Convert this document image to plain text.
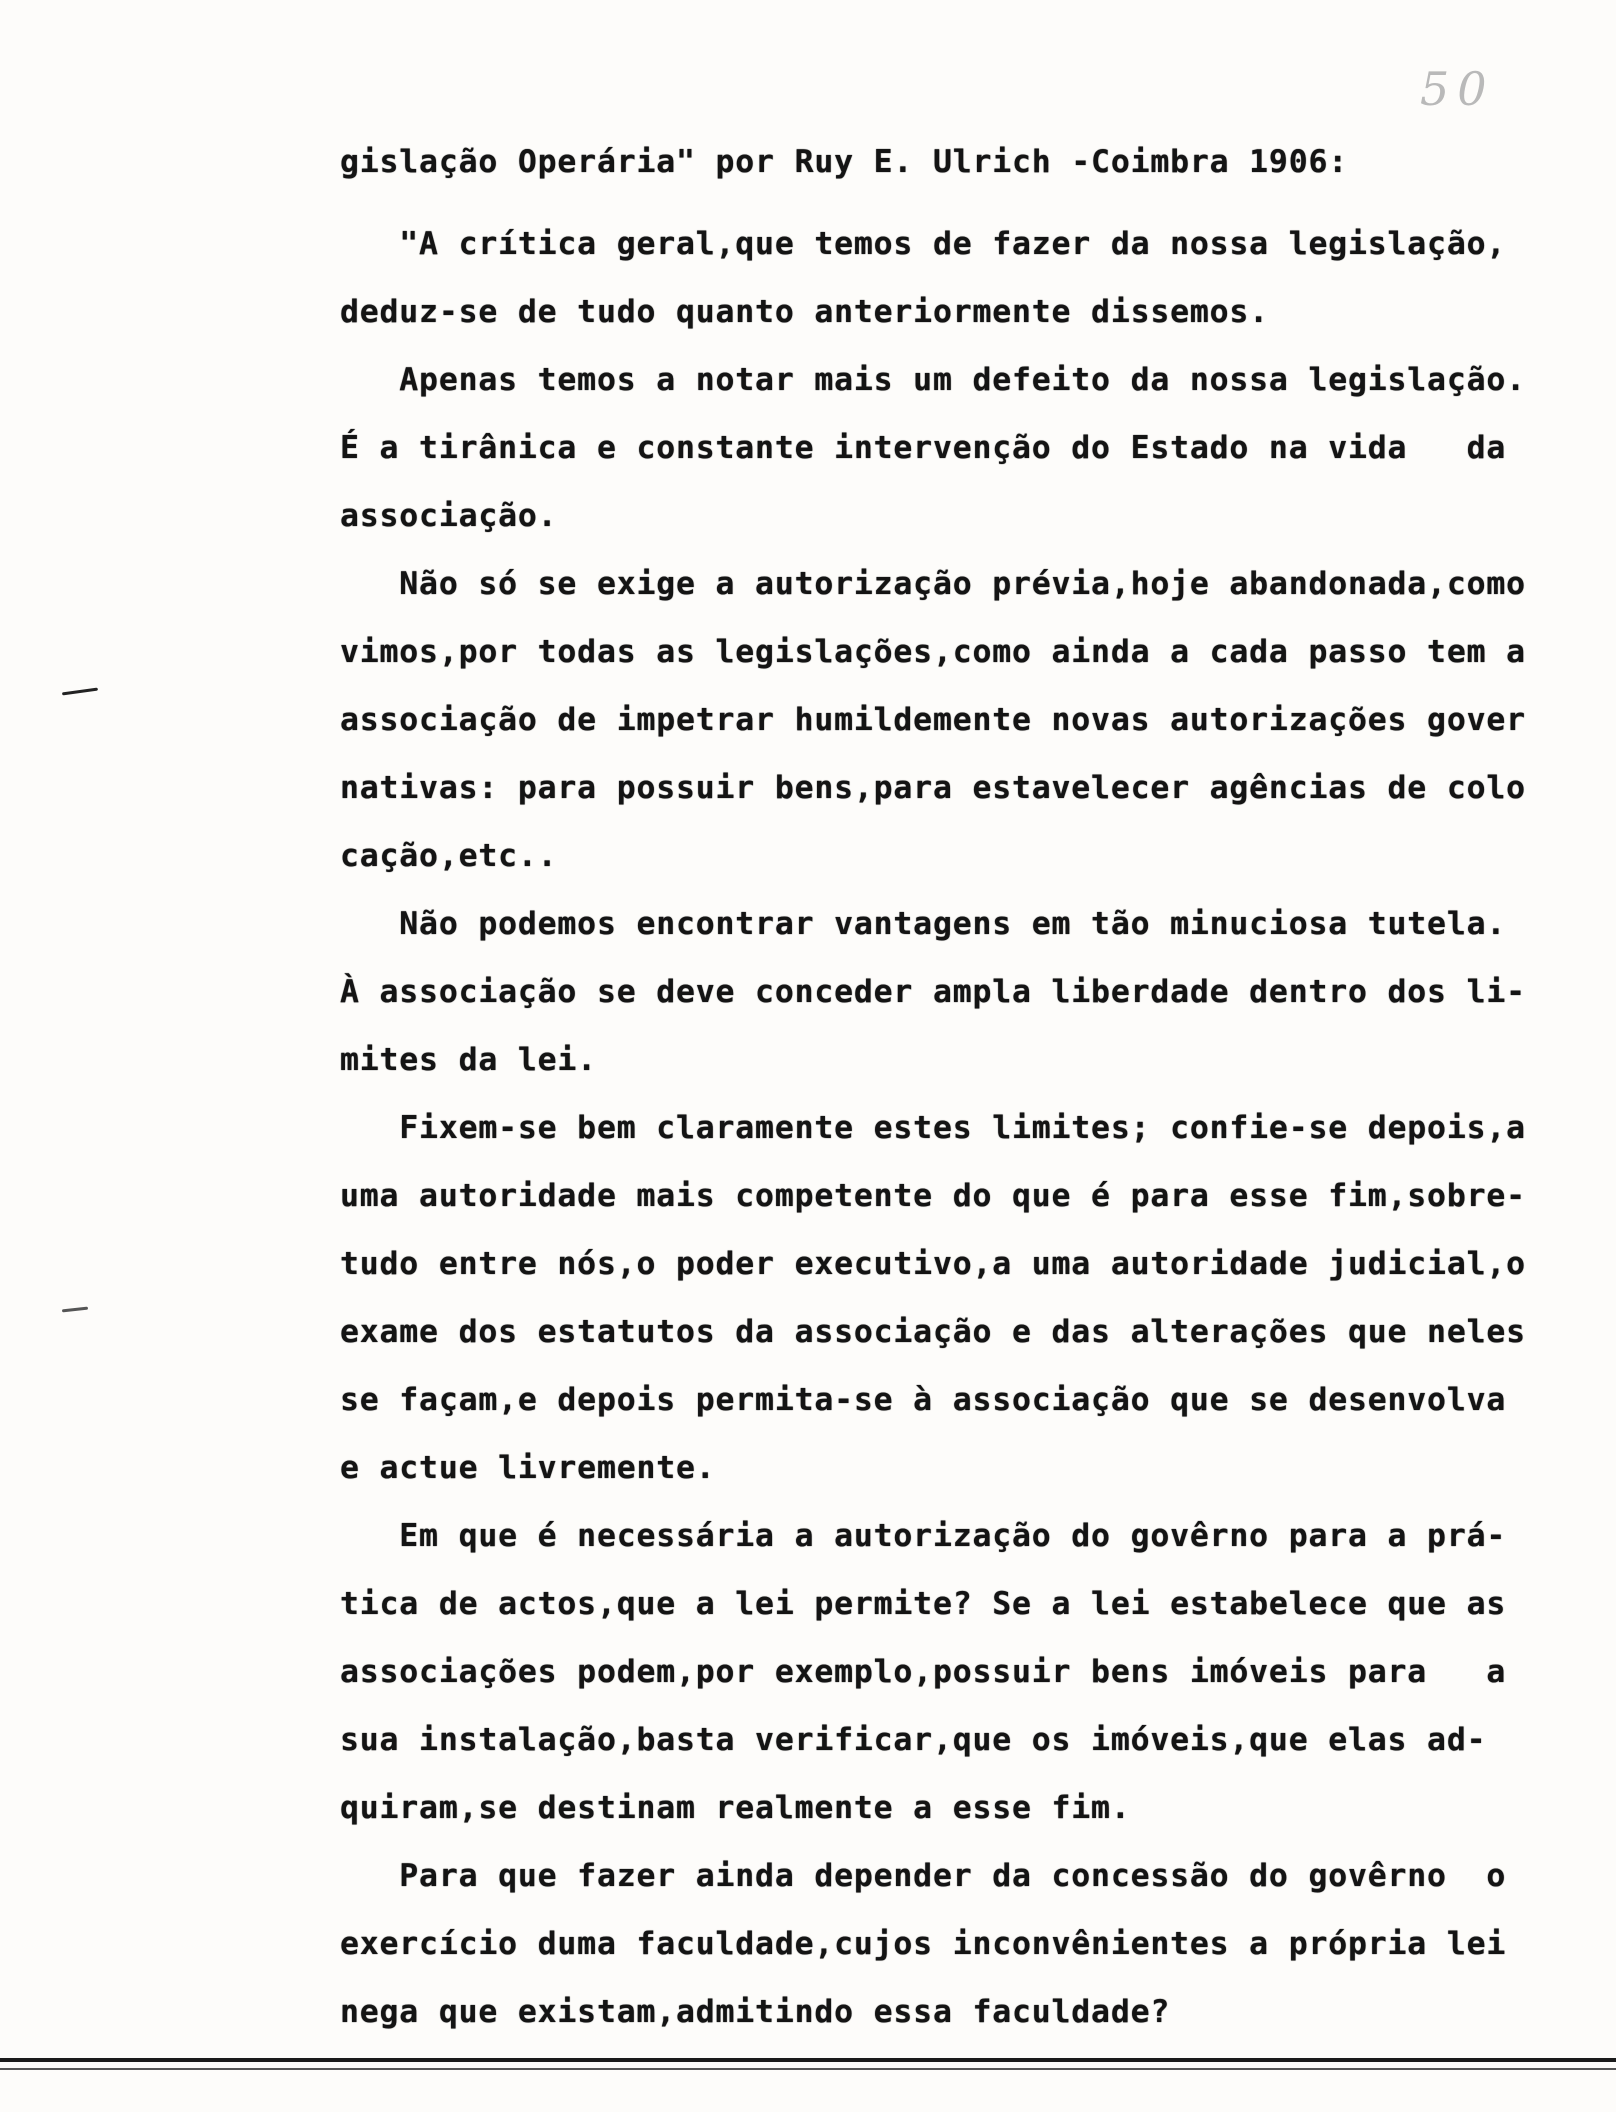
50
gislação Operária" por Ruy E. Ulrich -Coimbra 1906:
"A crítica geral,que temos de fazer da nossa legislação,
deduz-se de tudo quanto anteriormente dissemos.
Apenas temos a notar mais um defeito da nossa legislação.
É a tirânica e constante intervenção do Estado na vida   da
associação.
Não só se exige a autorização prévia,hoje abandonada,como
vimos,por todas as legislações,como ainda a cada passo tem a
associação de impetrar humildemente novas autorizações gover
nativas: para possuir bens,para estavelecer agências de colo
cação,etc..
Não podemos encontrar vantagens em tão minuciosa tutela.
À associação se deve conceder ampla liberdade dentro dos li-
mites da lei.
Fixem-se bem claramente estes limites; confie-se depois,a
uma autoridade mais competente do que é para esse fim,sobre-
tudo entre nós,o poder executivo,a uma autoridade judicial,o
exame dos estatutos da associação e das alterações que neles
se façam,e depois permita-se à associação que se desenvolva
e actue livremente.
Em que é necessária a autorização do govêrno para a prá-
tica de actos,que a lei permite? Se a lei estabelece que as
associações podem,por exemplo,possuir bens imóveis para   a
sua instalação,basta verificar,que os imóveis,que elas ad-
quiram,se destinam realmente a esse fim.
Para que fazer ainda depender da concessão do govêrno  o
exercício duma faculdade,cujos inconvênientes a própria lei
nega que existam,admitindo essa faculdade?
